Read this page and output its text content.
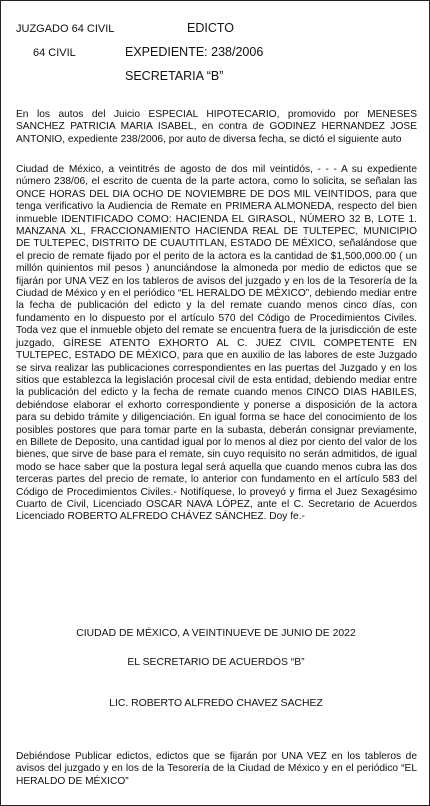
JUZGADO 64 CIVIL	EDICTO
64 CIVIL	EXPEDIENTE: 238/2006
SECRETARIA “B”

En los autos del Juicio ESPECIAL HIPOTECARIO, promovido por MENESES SANCHEZ PATRICIA MARIA ISABEL, en contra de GODINEZ HERNANDEZ JOSE ANTONIO, expediente 238/2006, por auto de diversa fecha, se dictó el siguiente auto

Ciudad de México, a veintitrés de agosto de dos mil veintidós, - - - A su expediente número 238/06, el escrito de cuenta de la parte actora, como lo solicita, se señalan las ONCE HORAS DEL DIA OCHO DE NOVIEMBRE DE DOS MIL VEINTIDOS, para que tenga verificativo la Audiencia de Remate en PRIMERA ALMONEDA, respecto del bien inmueble IDENTIFICADO COMO: HACIENDA EL GIRASOL, NÚMERO 32 B, LOTE 1. MANZANA XL, FRACCIONAMIENTO HACIENDA REAL DE TULTEPEC, MUNICIPIO DE TULTEPEC, DISTRITO DE CUAUTITLAN, ESTADO DE MÉXICO, señalándose que el precio de remate fijado por el perito de la actora es la cantidad de $1,500,000.00 ( un millón quinientos mil pesos ) anunciándose la almoneda por medio de edictos que se fijarán por UNA VEZ en los tableros de avisos del juzgado y en los de la Tesorería de la Ciudad de México y en el periódico “EL HERALDO DE MÉXICO”, debiendo mediar entre la fecha de publicación del edicto y la del remate cuando menos cinco días, con fundamento en lo dispuesto por el artículo 570 del Código de Procedimientos Civiles. Toda vez que el inmueble objeto del remate se encuentra fuera de la jurisdicción de este juzgado, GÍRESE ATENTO EXHORTO AL C. JUEZ CIVIL COMPETENTE EN TULTEPEC, ESTADO DE MÉXICO, para que en auxilio de las labores de este Juzgado se sirva realizar las publicaciones correspondientes en las puertas del Juzgado y en los sitios que establezca la legislación procesal civil de esta entidad, debiendo mediar entre la publicación del edicto y la fecha de remate cuando menos CINCO DIAS HABILES, debiéndose elaborar el exhorto correspondiente y ponerse a disposición de la actora para su debido trámite y diligenciación. En igual forma se hace del conocimiento de los posibles postores que para tomar parte en la subasta, deberán consignar previamente, en Billete de Deposito, una cantidad igual por lo menos al diez por ciento del valor de los bienes, que sirve de base para el remate, sin cuyo requisito no serán admitidos, de igual modo se hace saber que la postura legal será aquella que cuando menos cubra las dos terceras partes del precio de remate, lo anterior con fundamento en el artículo 583 del Código de Procedimientos Civiles.- Notifíquese, lo proveyó y firma el Juez Sexagésimo Cuarto de Civil, Licenciado OSCAR NAVA LÓPEZ, ante el C. Secretario de Acuerdos Licenciado ROBERTO ALFREDO CHÁVEZ SÁNCHEZ. Doy fe.-

CIUDAD DE MÉXICO, A VEINTINUEVE DE JUNIO DE 2022
EL SECRETARIO DE ACUERDOS “B”
LIC. ROBERTO ALFREDO CHAVEZ SACHEZ

Debiéndose Publicar edictos, edictos que se fijarán por UNA VEZ en los tableros de avisos del juzgado y en los de la Tesorería de la Ciudad de México y en el periódico “EL HERALDO DE MÉXICO”
